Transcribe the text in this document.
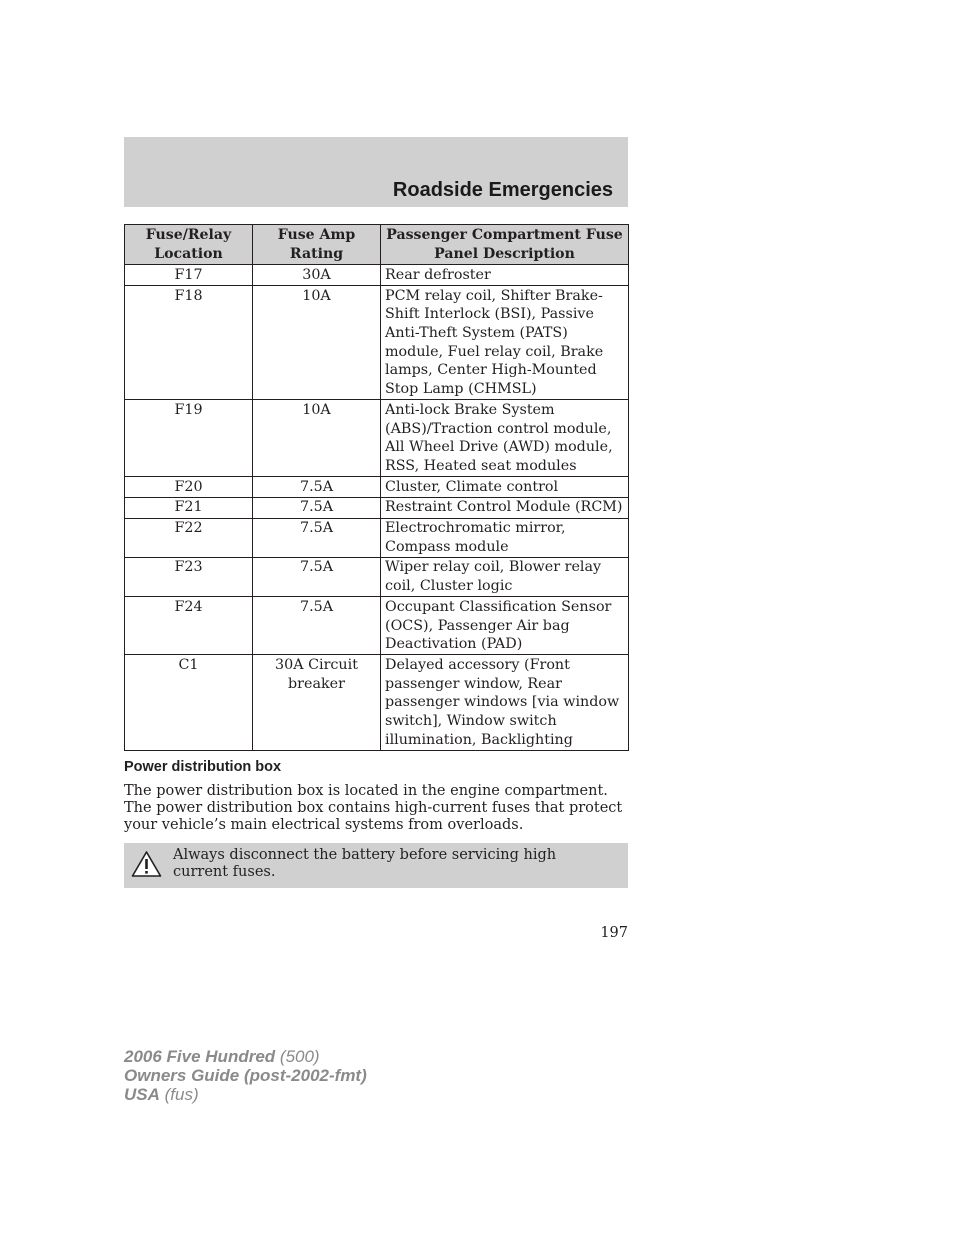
Roadside Emergencies
Fuse/Relay Location	Fuse Amp Rating	Passenger Compartment Fuse Panel Description
F17	30A	Rear defroster
F18	10A	PCM relay coil, Shifter Brake-Shift Interlock (BSI), Passive Anti-Theft System (PATS) module, Fuel relay coil, Brake lamps, Center High-Mounted Stop Lamp (CHMSL)
F19	10A	Anti-lock Brake System (ABS)/Traction control module, All Wheel Drive (AWD) module, RSS, Heated seat modules
F20	7.5A	Cluster, Climate control
F21	7.5A	Restraint Control Module (RCM)
F22	7.5A	Electrochromatic mirror, Compass module
F23	7.5A	Wiper relay coil, Blower relay coil, Cluster logic
F24	7.5A	Occupant Classification Sensor (OCS), Passenger Air bag Deactivation (PAD)
C1	30A Circuit breaker	Delayed accessory (Front passenger window, Rear passenger windows [via window switch], Window switch illumination, Backlighting
Power distribution box

The power distribution box is located in the engine compartment. The power distribution box contains high-current fuses that protect your vehicle’s main electrical systems from overloads.

Always disconnect the battery before servicing high current fuses.
197
2006 Five Hundred (500)
Owners Guide (post-2002-fmt)
USA (fus)
